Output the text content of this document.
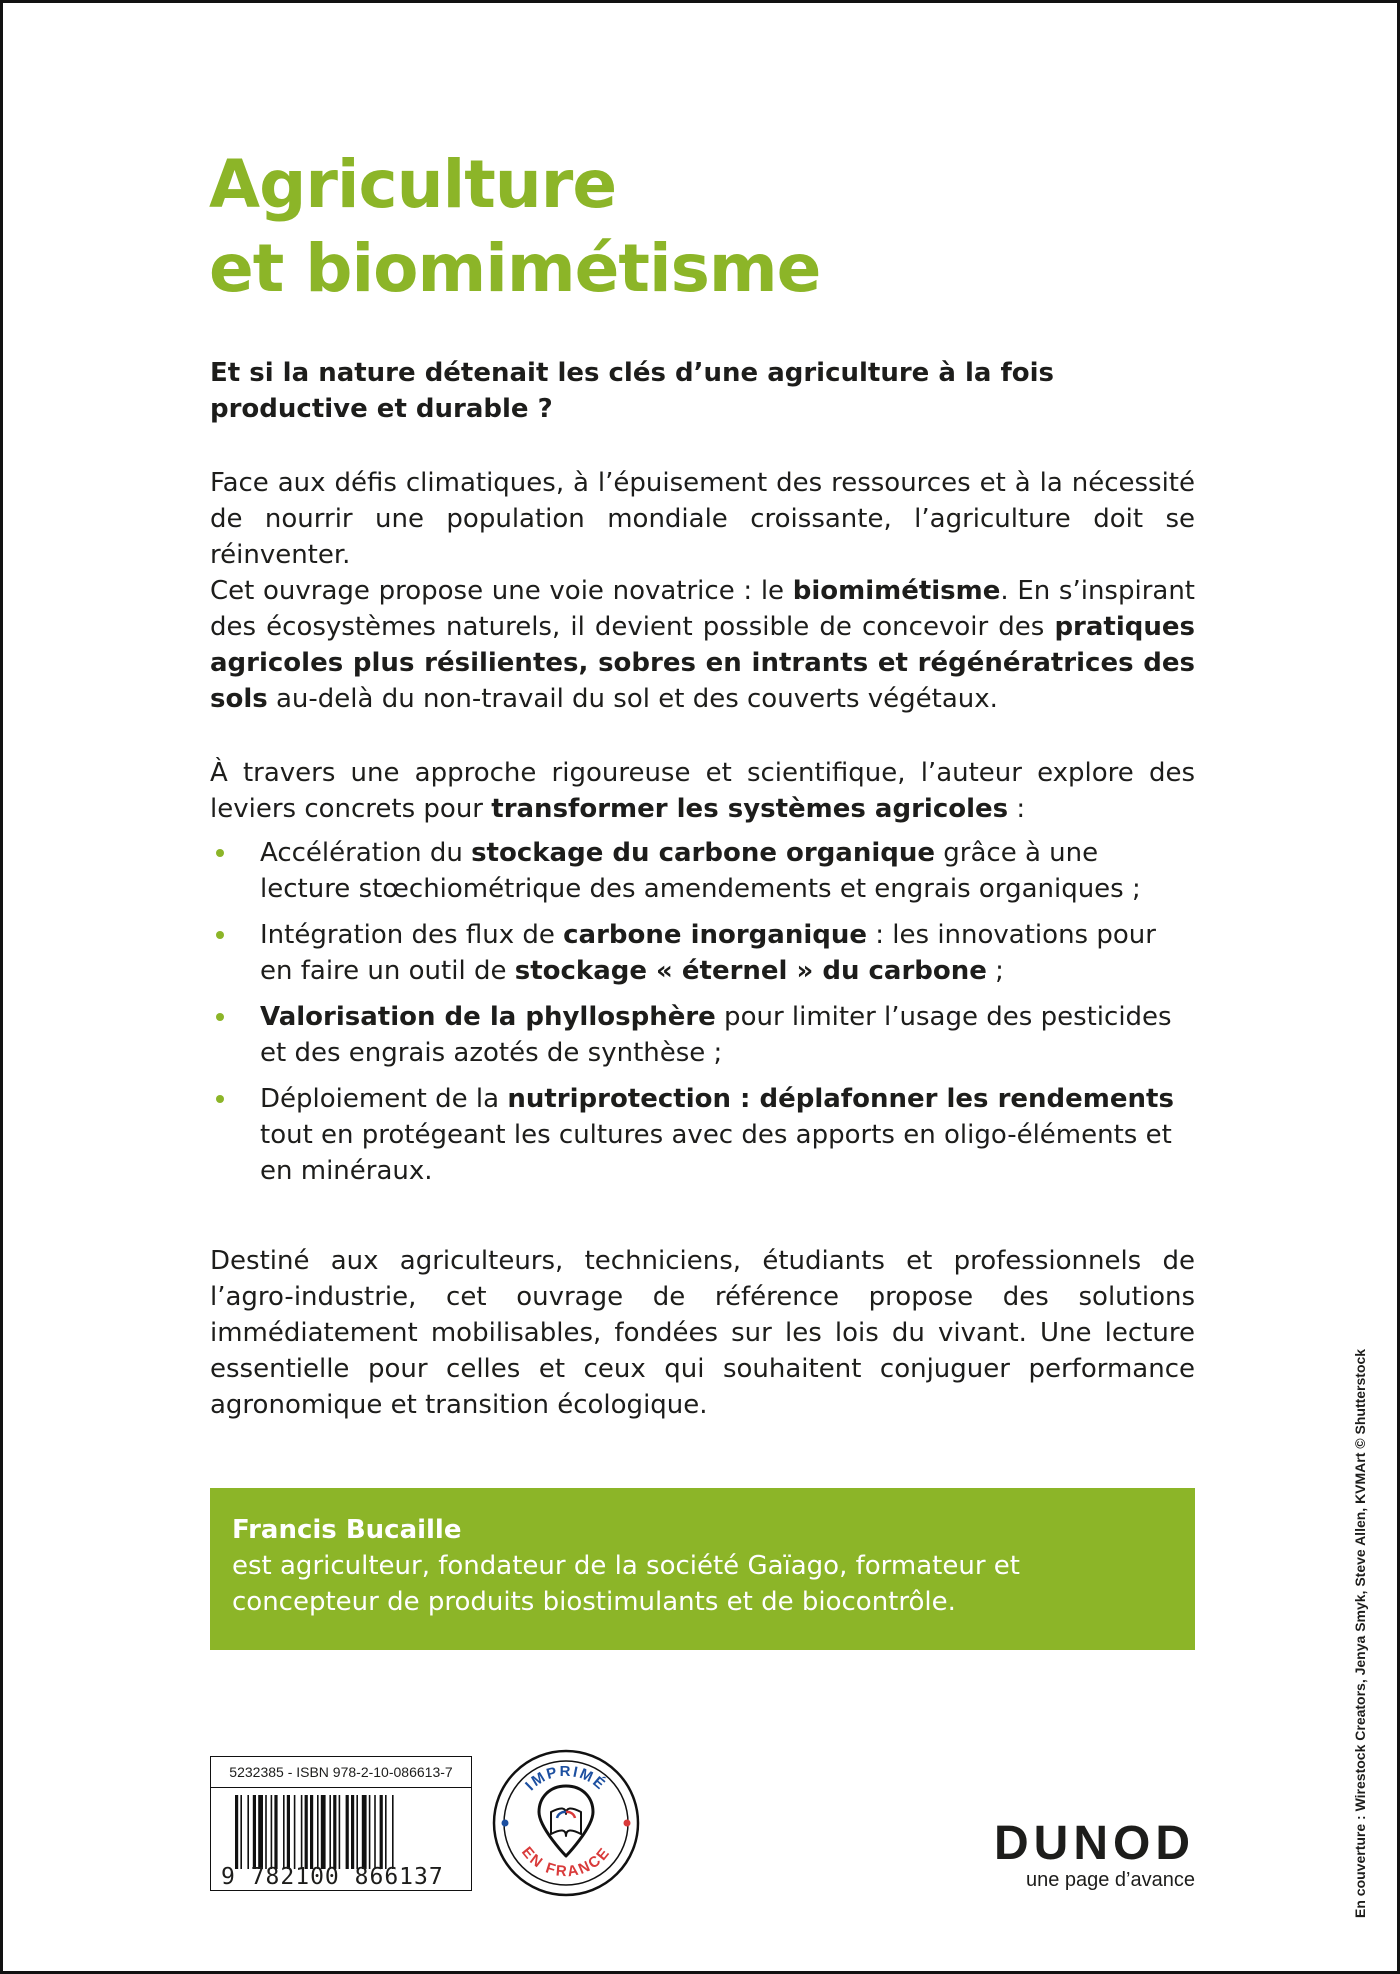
Agriculture
et biomimétisme

Et si la nature détenait les clés d’une agriculture à la fois productive et durable ?

Face aux défis climatiques, à l’épuisement des ressources et à la nécessité de nourrir une population mondiale croissante, l’agriculture doit se réinventer.
Cet ouvrage propose une voie novatrice : le biomimétisme. En s’inspirant des écosystèmes naturels, il devient possible de concevoir des pratiques agricoles plus résilientes, sobres en intrants et régénératrices des sols au-delà du non-travail du sol et des couverts végétaux.

À travers une approche rigoureuse et scientifique, l’auteur explore des leviers concrets pour transformer les systèmes agricoles :

Accélération du stockage du carbone organique grâce à une lecture stœchiométrique des amendements et engrais organiques ;
Intégration des flux de carbone inorganique : les innovations pour en faire un outil de stockage « éternel » du carbone ;
Valorisation de la phyllosphère pour limiter l’usage des pesticides et des engrais azotés de synthèse ;
Déploiement de la nutriprotection : déplafonner les rendements tout en protégeant les cultures avec des apports en oligo-éléments et en minéraux.

Destiné aux agriculteurs, techniciens, étudiants et professionnels de l’agro-industrie, cet ouvrage de référence propose des solutions immédiatement mobilisables, fondées sur les lois du vivant. Une lecture essentielle pour celles et ceux qui souhaitent conjuguer performance agronomique et transition écologique.

Francis Bucaille
est agriculteur, fondateur de la société Gaïago, formateur et concepteur de produits biostimulants et de biocontrôle.
5232385 - ISBN 978-2-10-086613-7
9 782100 866137
IMPRIMÉ
EN FRANCE	DUNOD
une page d’avance	En couverture : Wirestock Creators, Jenya Smyk, Steve Allen, KVMArt © Shutterstock
